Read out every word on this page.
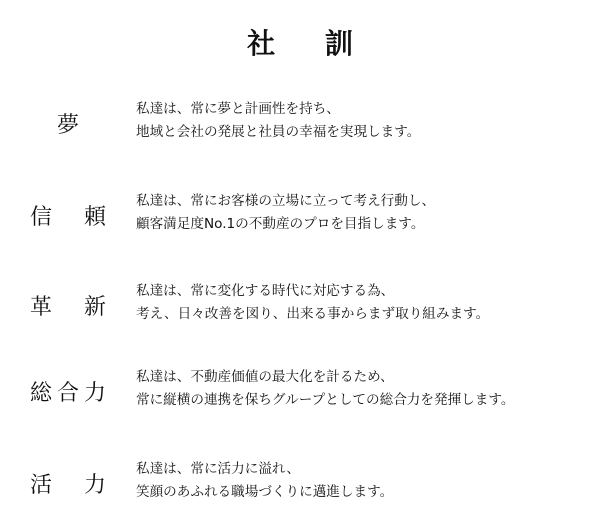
社 訓
夢
私達は、常に夢と計画性を持ち、
地域と会社の発展と社員の幸福を実現します。
信 頼
私達は、常にお客様の立場に立って考え行動し、
顧客満足度No.1の不動産のプロを目指します。
革 新
私達は、常に変化する時代に対応する為、
考え、日々改善を図り、出来る事からまず取り組みます。
総 合 力
私達は、不動産価値の最大化を計るため、
常に縦横の連携を保ちグループとしての総合力を発揮します。
活 力
私達は、常に活力に溢れ、
笑顔のあふれる職場づくりに邁進します。
